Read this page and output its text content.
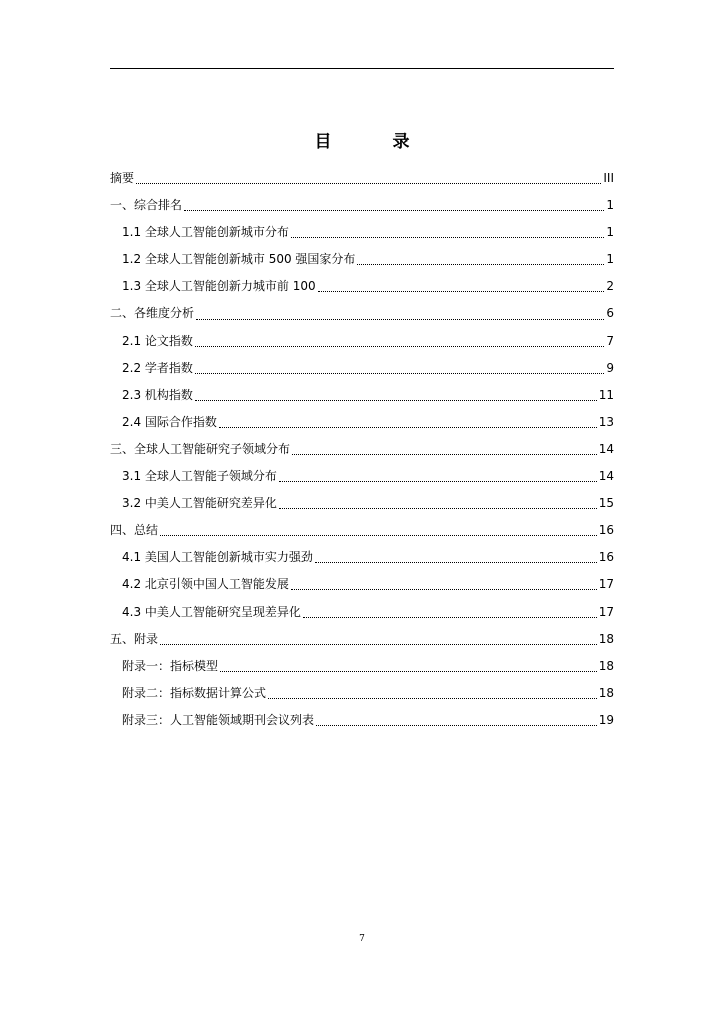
目　录
摘要	III
一、综合排名	1
1.1 全球人工智能创新城市分布	1
1.2 全球人工智能创新城市 500 强国家分布	1
1.3 全球人工智能创新力城市前 100	2
二、各维度分析	6
2.1 论文指数	7
2.2 学者指数	9
2.3 机构指数	11
2.4 国际合作指数	13
三、全球人工智能研究子领域分布	14
3.1 全球人工智能子领域分布	14
3.2 中美人工智能研究差异化	15
四、总结	16
4.1 美国人工智能创新城市实力强劲	16
4.2 北京引领中国人工智能发展	17
4.3 中美人工智能研究呈现差异化	17
五、附录	18
附录一：指标模型	18
附录二：指标数据计算公式	18
附录三：人工智能领域期刊会议列表	19
7
